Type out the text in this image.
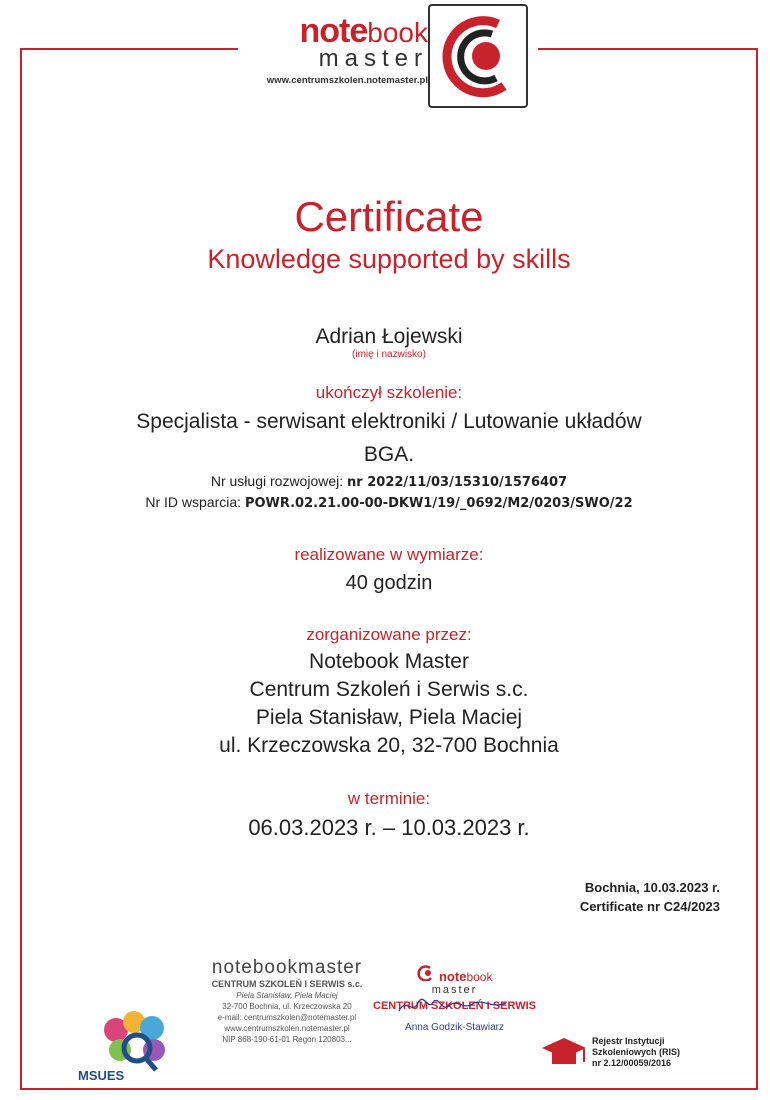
notebook
master
www.centrumszkolen.notemaster.pl
Certificate
Knowledge supported by skills
Adrian Łojewski
(imię i nazwisko)
ukończył szkolenie:
Specjalista - serwisant elektroniki / Lutowanie układów
BGA.
Nr usługi rozwojowej: nr 2022/11/03/15310/1576407
Nr ID wsparcia: POWR.02.21.00-00-DKW1/19/_0692/M2/0203/SWO/22
realizowane w wymiarze:
40 godzin
zorganizowane przez:
Notebook Master
Centrum Szkoleń i Serwis s.c.
Piela Stanisław, Piela Maciej
ul. Krzeczowska 20, 32-700 Bochnia
w terminie:
06.03.2023 r. – 10.03.2023 r.
Bochnia, 10.03.2023 r.
Certificate nr C24/2023
notebookmaster
CENTRUM SZKOLEŃ I SERWIS s.c.
Piela Stanisław, Piela Maciej
32-700 Bochnia, ul. Krzeczowska 20
e-mail: centrumszkolen@notemaster.pl
www.centrumszkolen.notemaster.pl
NIP 868-190-61-01 Regon 120803...
notebook
master
CENTRUM SZKOLEŃ I SERWIS
Anna Godzik-Stawiarz
MSUES
Rejestr Instytucji
Szkoleniowych (RIS)
nr 2.12/00059/2016
